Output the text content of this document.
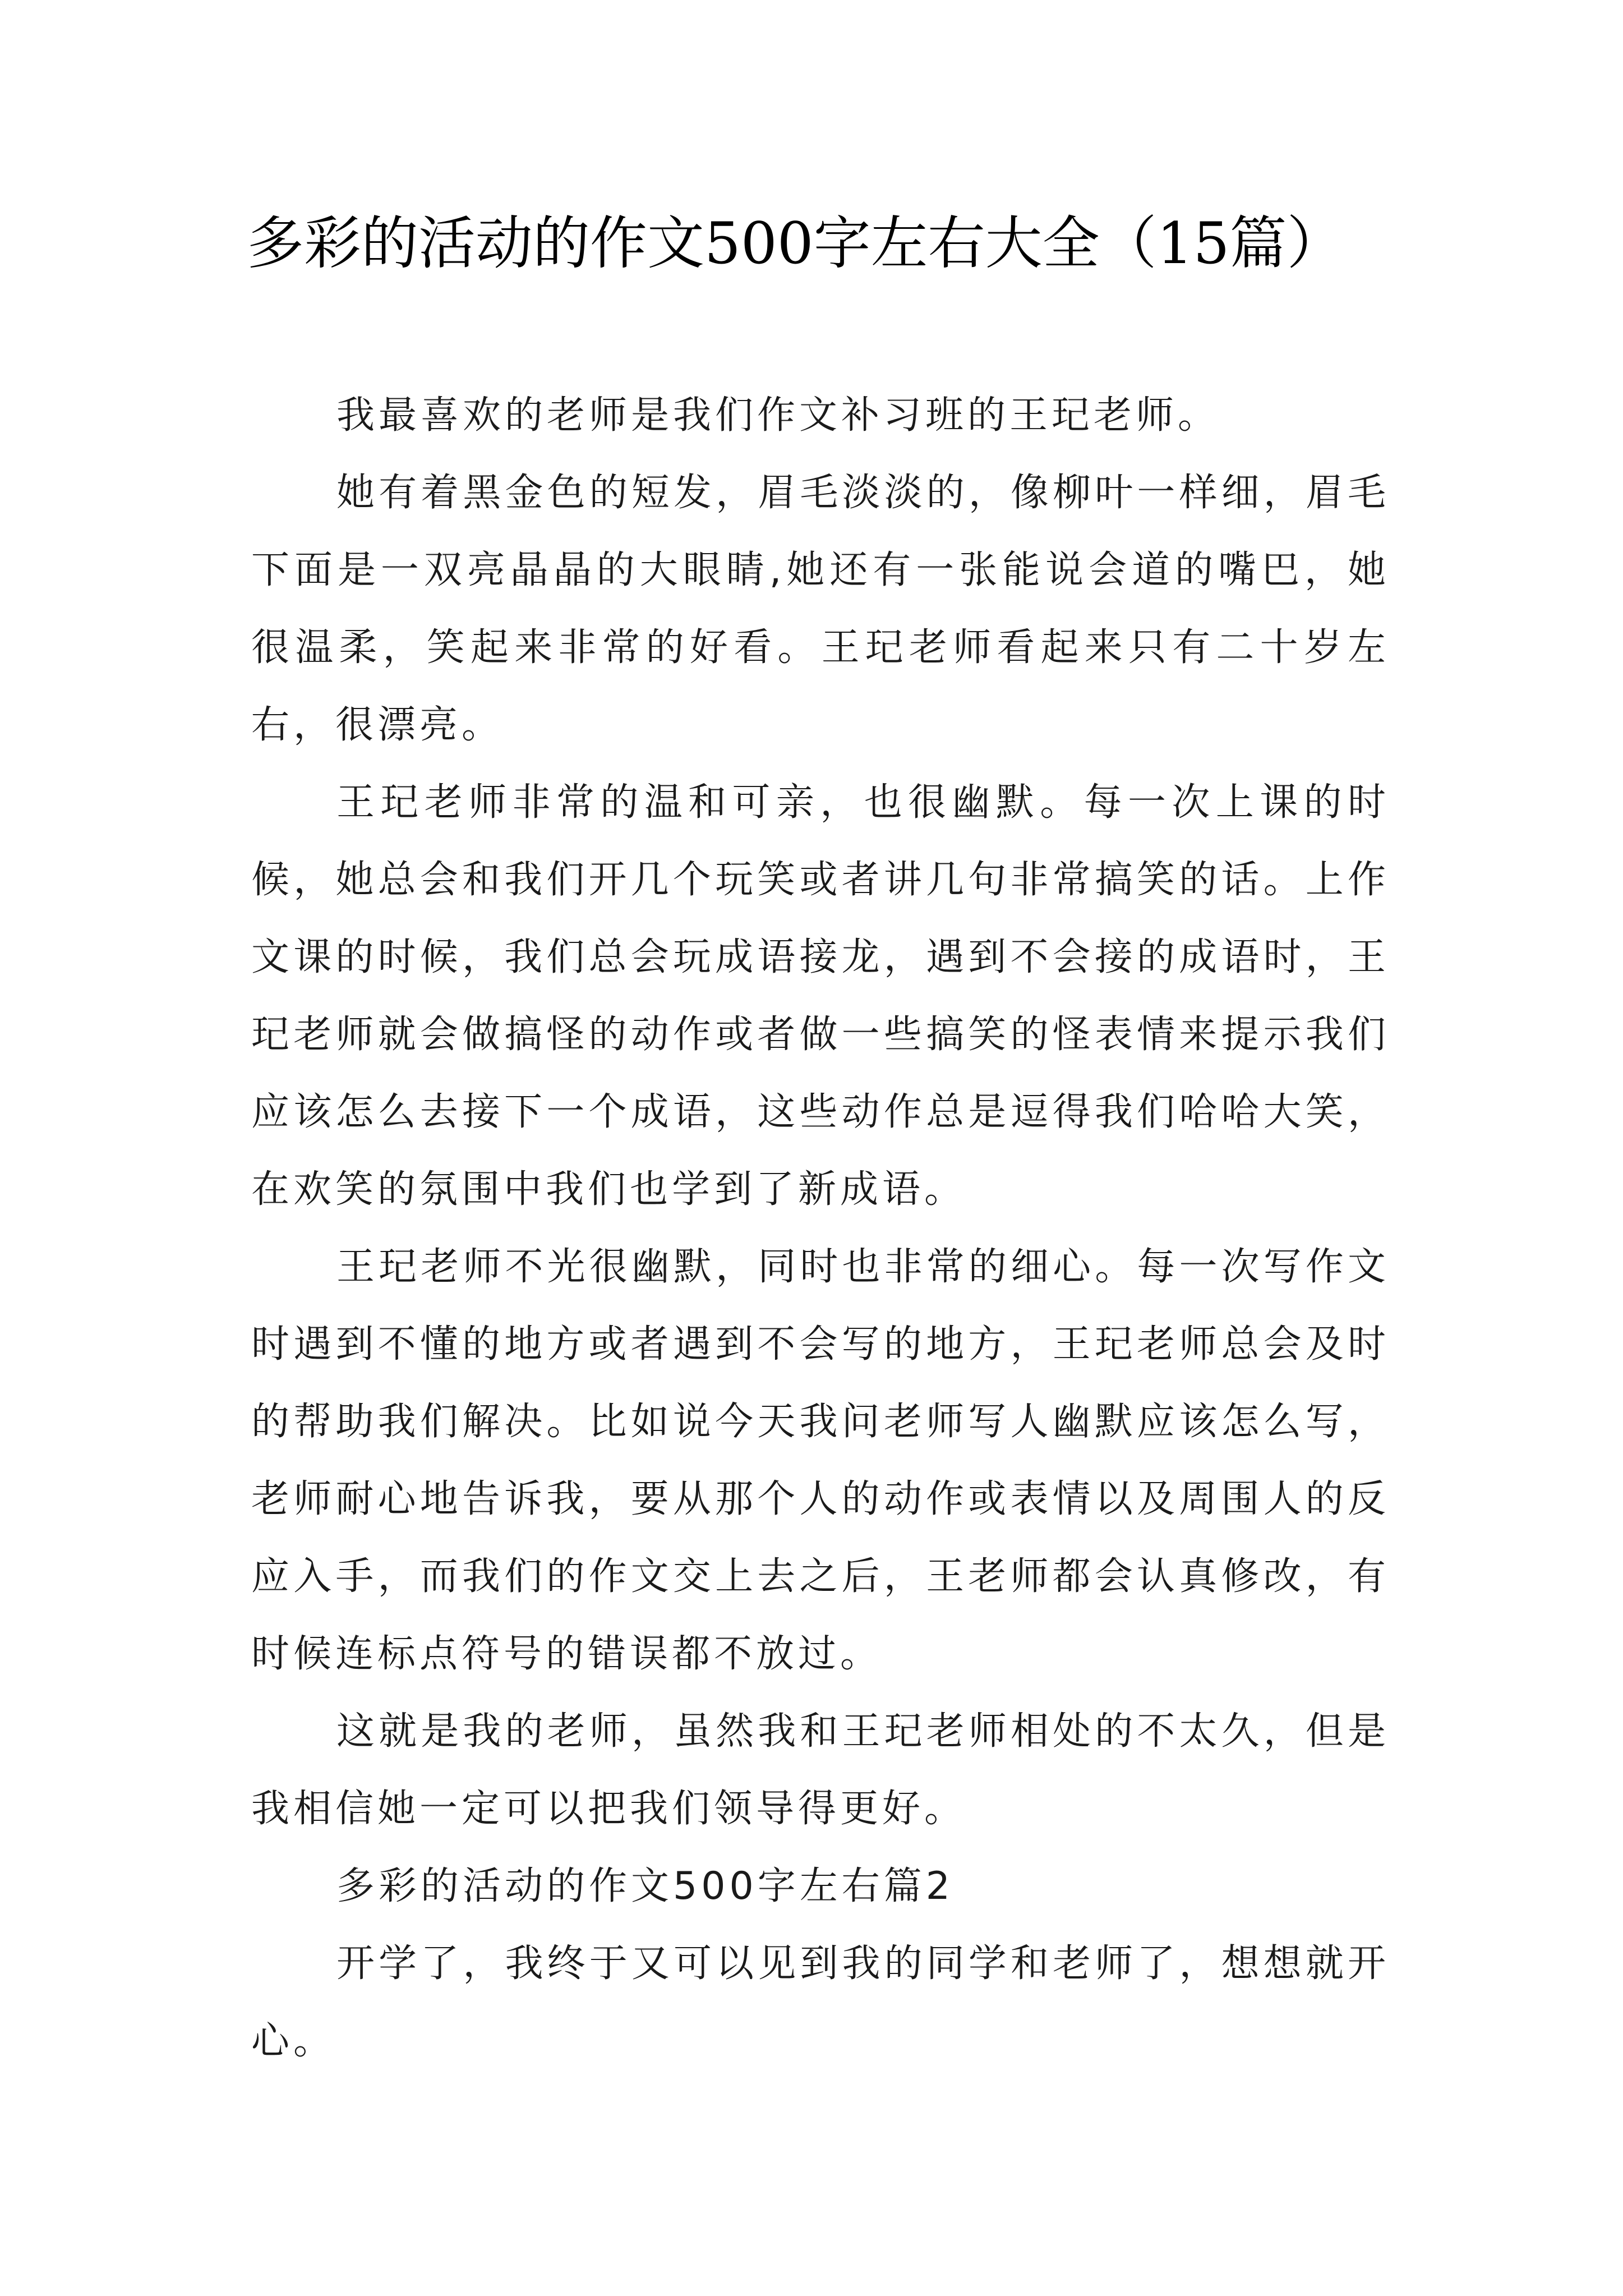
多彩的活动的作文500字左右大全（15篇）

我最喜欢的老师是我们作文补习班的王玘老师。

她有着黑金色的短发，眉毛淡淡的，像柳叶一样细，眉毛下面是一双亮晶晶的大眼睛,她还有一张能说会道的嘴巴，她很温柔，笑起来非常的好看。王玘老师看起来只有二十岁左右，很漂亮。

王玘老师非常的温和可亲，也很幽默。每一次上课的时候，她总会和我们开几个玩笑或者讲几句非常搞笑的话。上作文课的时候，我们总会玩成语接龙，遇到不会接的成语时，王玘老师就会做搞怪的动作或者做一些搞笑的怪表情来提示我们应该怎么去接下一个成语，这些动作总是逗得我们哈哈大笑，在欢笑的氛围中我们也学到了新成语。

王玘老师不光很幽默，同时也非常的细心。每一次写作文时遇到不懂的地方或者遇到不会写的地方，王玘老师总会及时的帮助我们解决。比如说今天我问老师写人幽默应该怎么写，老师耐心地告诉我，要从那个人的动作或表情以及周围人的反应入手，而我们的作文交上去之后，王老师都会认真修改，有时候连标点符号的错误都不放过。

这就是我的老师，虽然我和王玘老师相处的不太久，但是我相信她一定可以把我们领导得更好。

多彩的活动的作文500字左右篇2

开学了，我终于又可以见到我的同学和老师了，想想就开心。
